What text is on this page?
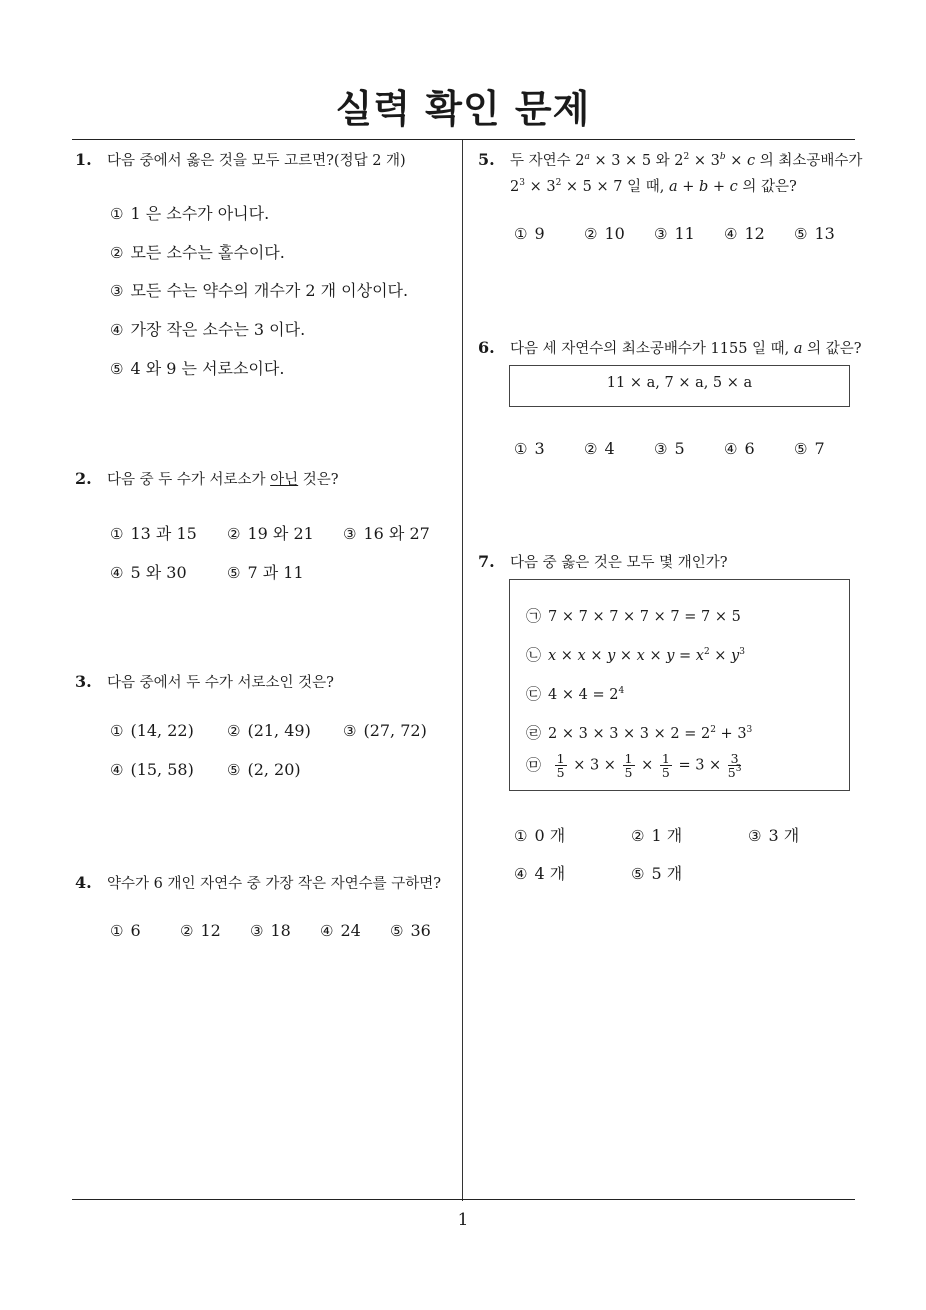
실력 확인 문제
1
1. 다음 중에서 옳은 것을 모두 고르면?(정답 2 개)
① 1 은 소수가 아니다.
② 모든 소수는 홀수이다.
③ 모든 수는 약수의 개수가 2 개 이상이다.
④ 가장 작은 소수는 3 이다.
⑤ 4 와 9 는 서로소이다.
2. 다음 중 두 수가 서로소가 아닌 것은?
① 13 과 15 ② 19 와 21 ③ 16 와 27
④ 5 와 30	⑤ 7 과 11
3. 다음 중에서 두 수가 서로소인 것은?
① (14, 22) ② (21, 49) ③ (27, 72)
④ (15, 58) ⑤ (2, 20)
4. 약수가 6 개인 자연수 중 가장 작은 자연수를 구하면?
① 6	② 12 ③ 18 ④ 24 ⑤ 36
5. 두 자연수 $2^a \times 3 \times 5$ 와 $2^2 \times 3^b \times c$ 의 최소공배수가
$2^3 \times 3^2 \times 5 \times 7$ 일 때, a + b + c 의 값은?
① 9	② 10 ③ 11 ④ 12 ⑤ 13
6. 다음 세 자연수의 최소공배수가 1155 일 때, a 의 값은?
11 × a, 7 × a, 5 × a
① 3	② 4	③ 5	④ 6	⑤ 7
7. 다음 중 옳은 것은 모두 몇 개인가?
㉠ 7 × 7 × 7 × 7 × 7 = 7 × 5
㉡ $x \times x \times y \times x \times y = x^2 \times y^3$
㉢ $4 \times 4 = 2^4$
㉣ $2 \times 3 \times 3 \times 3 \times 2 = 2^2 + 3^3$
㉤ $\frac{1}{5} \times 3 \times \frac{1}{5} \times \frac{1}{5} = 3 \times \frac{3}{5^3}$
① 0 개	② 1 개	③ 3 개
④ 4 개	⑤ 5 개
